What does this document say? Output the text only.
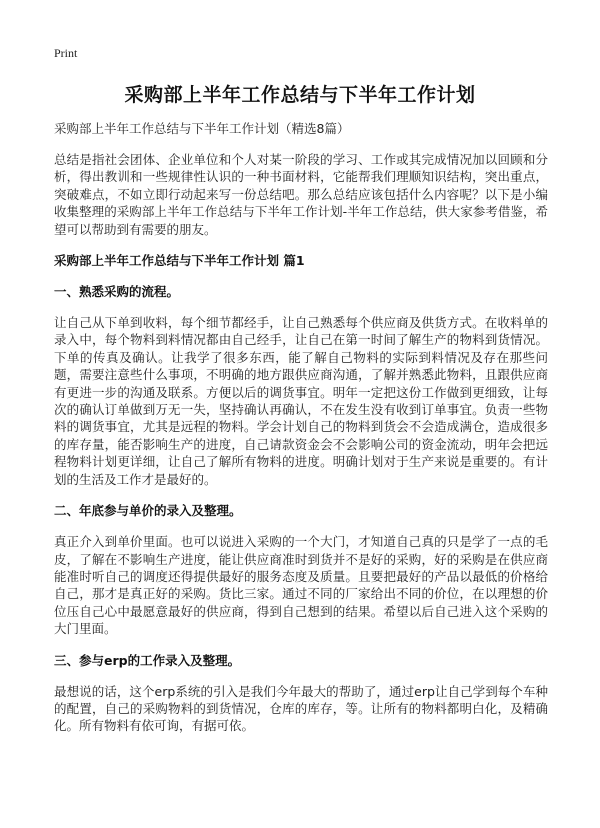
Print
采购部上半年工作总结与下半年工作计划
采购部上半年工作总结与下半年工作计划（精选8篇）

总结是指社会团体、企业单位和个人对某一阶段的学习、工作或其完成情况加以回顾和分析，得出教训和一些规律性认识的一种书面材料，它能帮我们理顺知识结构，突出重点，突破难点，不如立即行动起来写一份总结吧。那么总结应该包括什么内容呢？以下是小编收集整理的采购部上半年工作总结与下半年工作计划-半年工作总结，供大家参考借鉴，希望可以帮助到有需要的朋友。

采购部上半年工作总结与下半年工作计划 篇1
一、熟悉采购的流程。

让自己从下单到收料，每个细节都经手，让自己熟悉每个供应商及供货方式。在收料单的录入中，每个物料到料情况都由自己经手，让自己在第一时间了解生产的物料到货情况。下单的传真及确认。让我学了很多东西，能了解自己物料的实际到料情况及存在那些问题，需要注意些什么事项，不明确的地方跟供应商沟通，了解并熟悉此物料，且跟供应商有更进一步的沟通及联系。方便以后的调货事宜。明年一定把这份工作做到更细致，让每次的确认订单做到万无一失，坚持确认再确认，不在发生没有收到订单事宜。负责一些物料的调货事宜，尤其是远程的物料。学会计划自己的物料到货会不会造成满仓，造成很多的库存量，能否影响生产的进度，自己请款资金会不会影响公司的资金流动，明年会把远程物料计划更详细，让自己了解所有物料的进度。明确计划对于生产来说是重要的。有计划的生活及工作才是最好的。

二、年底参与单价的录入及整理。

真正介入到单价里面。也可以说进入采购的一个大门，才知道自己真的只是学了一点的毛皮，了解在不影响生产进度，能让供应商准时到货并不是好的采购，好的采购是在供应商能准时听自己的调度还得提供最好的服务态度及质量。且要把最好的产品以最低的价格给自己，那才是真正好的采购。货比三家。通过不同的厂家给出不同的价位，在以理想的价位压自己心中最愿意最好的供应商，得到自己想到的结果。希望以后自己进入这个采购的大门里面。

三、参与erp的工作录入及整理。

最想说的话，这个erp系统的引入是我们今年最大的帮助了，通过erp让自己学到每个车种的配置，自己的采购物料的到货情况，仓库的库存，等。让所有的物料都明白化，及精确化。所有物料有依可询，有据可依。
